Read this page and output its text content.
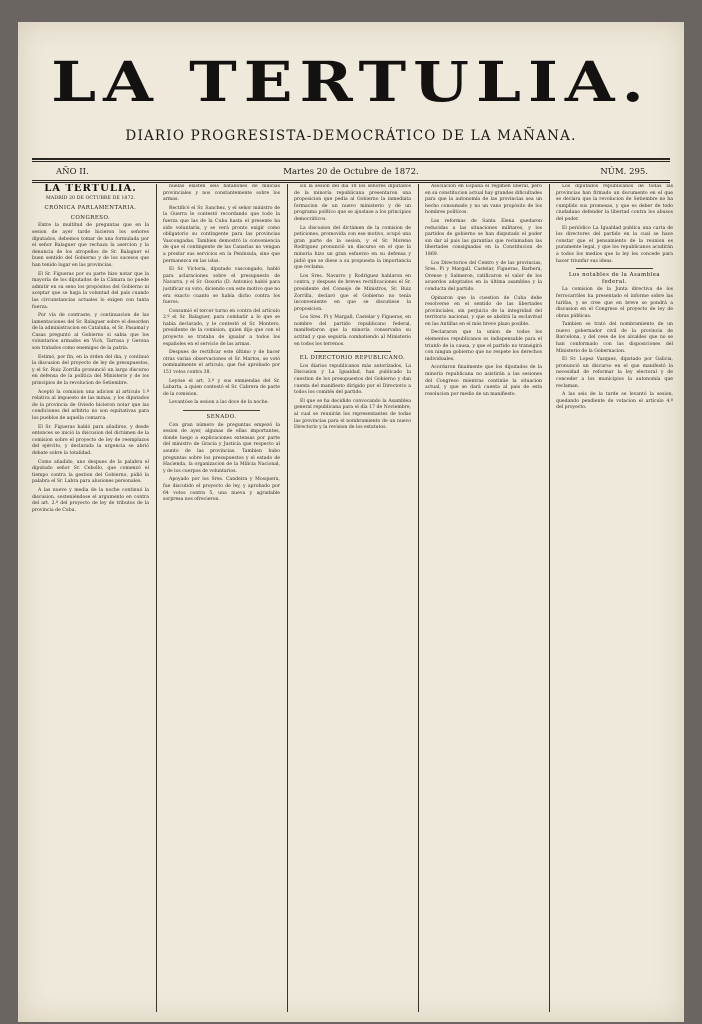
LA TERTULIA.
DIARIO PROGRESISTA-DEMOCRÁTICO DE LA MAÑANA.
AÑO II.	Martes 20 de Octubre de 1872.	NÚM. 295.
LA TERTULIA.
MADRID 20 DE OCTUBRE DE 1872.
CRÓNICA PARLAMENTARIA.
CONGRESO.

Entre la multitud de preguntas que en la sesion de ayer tarde hicieron los señores diputados, debemos tomar de una formulada por el señor Balaguer que rechaza la asercion y la denuncia de los atropellos de Sr. Balaguer el buen sentido del Gobierno y de los sucesos que han tenido lugar en las provincias.

El Sr. Figueras por su parte hizo notar que la mayoría de los diputados de la Cámara no puede admitir en su seno los propósitos del Gobierno ni aceptar que se haga la voluntad del país cuando las circunstancias actuales lo exigen con tanta fuerza.

Por vía de contraste, y continuacion de las lamentaciones del Sr. Balaguer sobre el desorden de la administracion en Cataluña, el Sr. Pasamal y Casas preguntó al Gobierno si sabia que los voluntarios armados en Vich, Tarrasa y Gerona son tratados como enemigos de la patria.

Estimó, por fin, en la órden del dia, y continuó la discusion del proyecto de ley de presupuestos, y el Sr. Ruiz Zorrilla pronunció un largo discurso en defensa de la política del Ministerio y de los principios de la revolucion de Setiembre.

Aceptó la comision una adicion al artículo 1.º relativa al impuesto de las minas, y los diputados de la provincia de Oviedo hicieron notar que las condiciones del arbitrio no son equitativas para los pueblos de aquella comarca.

El Sr. Figueras habló para añadirse, y desde entonces se inició la discusion del dictámen de la comision sobre el proyecto de ley de reemplazos del ejército, y declarada la urgencia se abrió debate sobre la totalidad.

Como añadido, uno despues de la palabra el diputado señor Sr. Cebollo, que comenzó el tiempo contra la gestion del Gobierno, pidió la palabra el Sr. Labra para alusiones personales.

A las nueve y media de la noche continuó la discusion, sosteniéndose el argumento en contra del art. 2.º del proyecto de ley de tributos de la provincia de Cuba.

nuelas existen seis batallones de milicias provinciales y nos constantemente sobre los armas.

Rectificó el Sr. Sanchez, y el señor ministro de la Guerra le contestó recordando que todo la fuerza que las de la Cuba hasta el presente ha sido voluntaria, y se verá pronto exigir como obligatorio su contingente para las provincias Vascongadas. Tambien demostró la conveniencia de que el contingente de las Canarias no vengan a prestar sus servicios en la Península, sino que permanezca en las islas.

El Sr. Victoria, diputado vascongado, habló para aclaraciones sobre el presupuesto de Navarra, y el Sr. Ossorio (D. Antonio) habló para justificar su voto, diciendo con este motivo que no era exacto cuanto se había dicho contra los fueros.

Consumió el tercer turno en contra del artículo 2.º el Sr. Balaguer, para combatir a lo que se había declarado, y le contestó el Sr. Montero, presidente de la comision, quien dijo que con el proyecto se trataba de igualar a todos los españoles en el servicio de las armas.

Despues de rectificar este último y de hacer otras varias observaciones el Sr. Martos, se votó nominalmente el artículo, que fué aprobado por 151 votos contra 38.

Leyóse el art. 3.º y sus enmiendas del Sr. Labarta, a quien contestó el Sr. Cabrera de parte de la comision.

Levantóse la sesion a las doce de la noche.

SENADO.

Con gran número de preguntas empezó la sesion de ayer, algunas de ellas importantes, donde luego a explicaciones extensas por parte del ministro de Gracia y Justicia que respecto al asunto de las provincias. Tambien hubo preguntas sobre los presupuestos y el estado de Hacienda, la organizacion de la Milicia Nacional, y de los cuerpos de voluntarios.

Apoyado por los Sres. Candeira y Mosquera, fue discutido el proyecto de ley, y aprobado por 64 votos contra 5, una nueva y agradable sorpresa nos ofrecieron.

En la sesion del dia 18 los señores diputados de la minoría republicana presentaron una proposicion que pedía al Gobierno la inmediata formacion de un nuevo ministerio y de un programa político que se ajustase a los principios democráticos.

La discusion del dictámen de la comision de peticiones, promovida con ese motivo, ocupó una gran parte de la sesion, y el Sr. Moreno Rodriguez pronunció un discurso en el que la minoría hizo un gran esfuerzo en su defensa y pidió que se diese a su propuesta la importancia que reclama.

Los Sres. Navarro y Rodriguez hablaron en contra, y despues de breves rectificaciones el Sr. presidente del Consejo de Ministros, Sr. Ruiz Zorrilla, declaró que el Gobierno no tenía inconveniente en que se discutiese la proposicion.

Los Sres. Pi y Margall, Castelar y Figueras, en nombre del partido republicano federal, manifestaron que la minoría conservaba su actitud y que seguiría combatiendo al Ministerio en todos los terrenos.

EL DIRECTORIO REPUBLICANO.

Los diarios republicanos más autorizados, La Discusion y La Igualdad, han publicado la cuestion de los presupuestos del Gobierno y dan cuenta del manifiesto dirigido por el Directorio a todos los comités del partido.

El que se ha decidido convocando la Asamblea general republicana para el día 17 de Noviembre, al cual se reunirán los representantes de todas las provincias para el nombramiento de un nuevo Directorio y la revision de los estatutos.

Asociacion en España el régimen liberal, pero en su constitucion actual hay grandes dificultades para que la autonomía de las provincias sea un hecho consumado y no un vano propósito de los hombres políticos.

Las reformas de Santa Elena quedaron reducidas a las situaciones militares, y los partidos de gobierno se han disputado el poder sin dar al pais las garantías que reclamaban las libertades consignadas en la Constitucion de 1869.

Los Directorios del Centro y de las provincias, Sres. Pi y Margall, Castelar, Figueras, Barberá, Orense y Salmeron, ratificaron el valor de los acuerdos adoptados en la última asamblea y la conducta del partido.

Opinaron que la cuestion de Cuba debe resolverse en el sentido de las libertades provinciales, sin perjuicio de la integridad del territorio nacional, y que se abolirá la esclavitud en las Antillas en el más breve plazo posible.

Declararon que la union de todos los elementos republicanos es indispensable para el triunfo de la causa, y que el partido no transigirá con ningun gobierno que no respete los derechos individuales.

Acordaron finalmente que los diputados de la minoría republicana no asistirán a las sesiones del Congreso mientras continúe la situacion actual, y que se dará cuenta al pais de esta resolucion por medio de un manifiesto.

Los diputados republicanos de todas las provincias han firmado un documento en el que se declara que la revolucion de Setiembre no ha cumplido sus promesas, y que es deber de todo ciudadano defender la libertad contra los abusos del poder.

El periódico La Igualdad publica una carta de los directores del partido en la cual se hace constar que el pensamiento de la reunion es puramente legal, y que los republicanos acudirán a todos los medios que la ley les concede para hacer triunfar sus ideas.

Los notables de la Asamblea federal.

La comision de la Junta directiva de los ferrocarriles ha presentado el informe sobre las tarifas, y se cree que en breve se pondrá a discusion en el Congreso el proyecto de ley de obras públicas.

Tambien se trató del nombramiento de un nuevo gobernador civil de la provincia de Barcelona, y del cese de los alcaldes que no se han conformado con las disposiciones del Ministerio de la Gobernacion.

El Sr. Lopez Vazquez, diputado por Galicia, pronunció un discurso en el que manifestó la necesidad de reformar la ley electoral y de conceder a los municipios la autonomía que reclaman.

A las seis de la tarde se levantó la sesion, quedando pendiente de votacion el artículo 4.º del proyecto.
